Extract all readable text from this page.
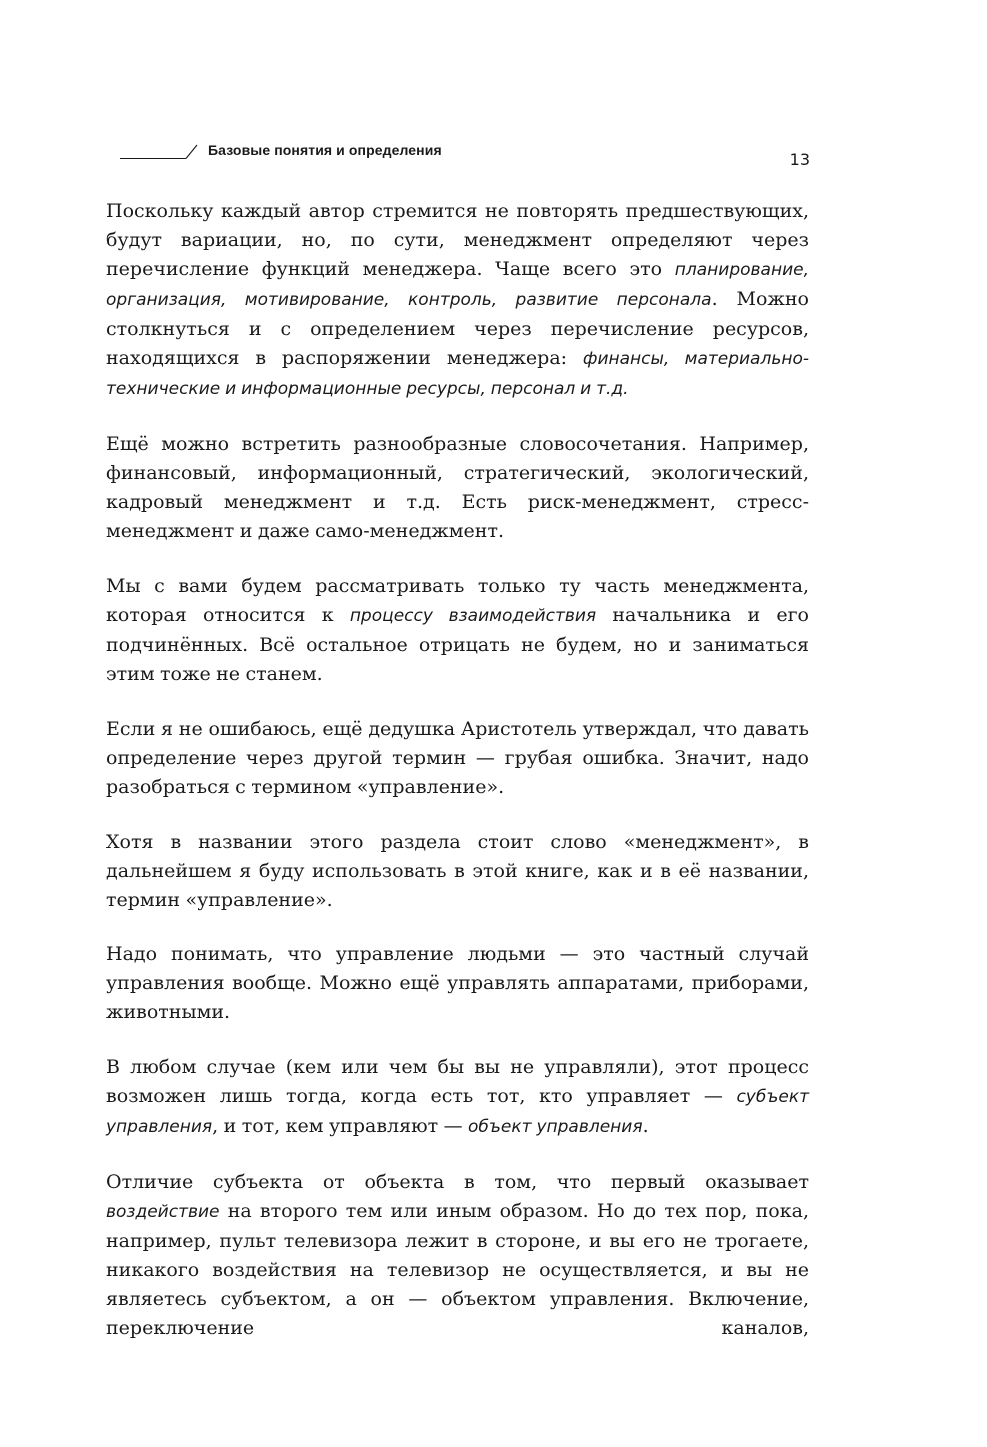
Базовые понятия и определения	13

Поскольку каждый автор стремится не повторять предшествующих, будут вариации, но, по сути, менеджмент определяют через перечисление функций менеджера. Чаще всего это планирование, организация, мотивирование, контроль, развитие персонала. Можно столкнуться и с определением через перечисление ресурсов, находящихся в распоряжении менеджера: финансы, материально-технические и информационные ресурсы, персонал и т.д.

Ещё можно встретить разнообразные словосочетания. Например, финансовый, информационный, стратегический, экологический, кадровый менеджмент и т.д. Есть риск-менеджмент, стресс-менеджмент и даже само-менеджмент.

Мы с вами будем рассматривать только ту часть менеджмента, которая относится к процессу взаимодействия начальника и его подчинённых. Всё остальное отрицать не будем, но и заниматься этим тоже не станем.

Если я не ошибаюсь, ещё дедушка Аристотель утверждал, что давать определение через другой термин — грубая ошибка. Значит, надо разобраться с термином «управление».

Хотя в названии этого раздела стоит слово «менеджмент», в дальнейшем я буду использовать в этой книге, как и в её названии, термин «управление».

Надо понимать, что управление людьми — это частный случай управления вообще. Можно ещё управлять аппаратами, приборами, животными.

В любом случае (кем или чем бы вы не управляли), этот процесс возможен лишь тогда, когда есть тот, кто управляет — субъект управления, и тот, кем управляют — объект управления.

Отличие субъекта от объекта в том, что первый оказывает воздействие на второго тем или иным образом. Но до тех пор, пока, например, пульт телевизора лежит в стороне, и вы его не трогаете, никакого воздействия на телевизор не осуществляется, и вы не являетесь субъектом, а он — объектом управления. Включение, переключение каналов,
